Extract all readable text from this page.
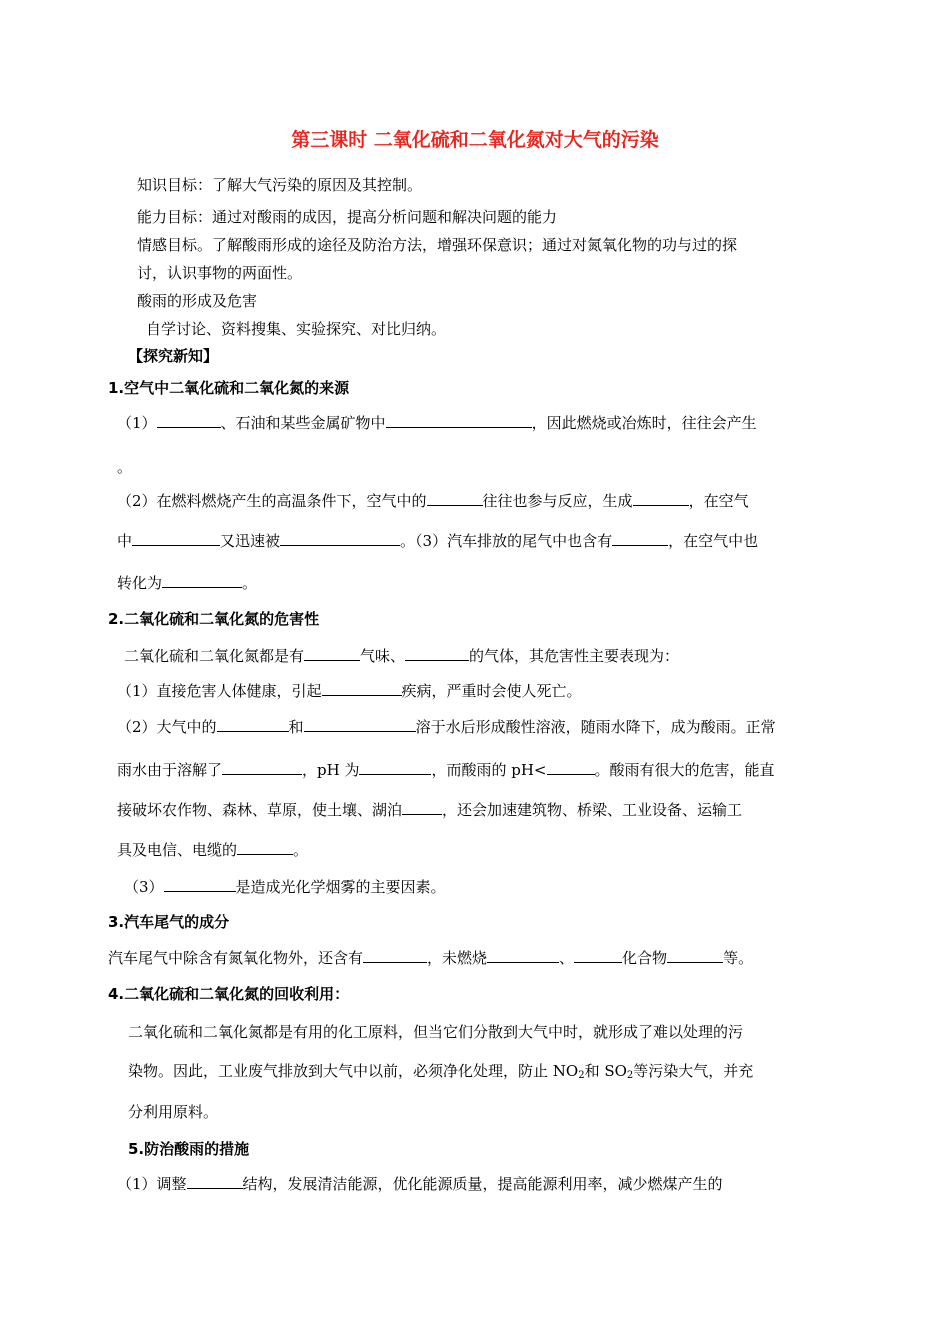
第三课时 二氧化硫和二氧化氮对大气的污染
知识目标：了解大气污染的原因及其控制。
能力目标：通过对酸雨的成因，提高分析问题和解决问题的能力
情感目标。了解酸雨形成的途径及防治方法，增强环保意识；通过对氮氧化物的功与过的探
讨，认识事物的两面性。
酸雨的形成及危害
自学讨论、资料搜集、实验探究、对比归纳。
【探究新知】
1.空气中二氧化硫和二氧化氮的来源
（1）	、石油和某些金属矿物中	，因此燃烧或冶炼时，往往会产生
。
（2）在燃料燃烧产生的高温条件下，空气中的	往往也参与反应，生成	，在空气
中	又迅速被	。（3）汽车排放的尾气中也含有	，在空气中也
转化为	。
2.二氧化硫和二氧化氮的危害性
二氧化硫和二氧化氮都是有	气味、	的气体，其危害性主要表现为：
（1）直接危害人体健康，引起	疾病，严重时会使人死亡。
（2）大气中的	和	溶于水后形成酸性溶液，随雨水降下，成为酸雨。正常
雨水由于溶解了	，pH 为	，而酸雨的 pH<	。酸雨有很大的危害，能直
接破坏农作物、森林、草原，使土壤、湖泊	，还会加速建筑物、桥梁、工业设备、运输工
具及电信、电缆的	。
（3）	是造成光化学烟雾的主要因素。
3.汽车尾气的成分
汽车尾气中除含有氮氧化物外，还含有	，未燃烧	、	化合物	等。
4.二氧化硫和二氧化氮的回收利用：
二氧化硫和二氧化氮都是有用的化工原料，但当它们分散到大气中时，就形成了难以处理的污
染物。因此，工业废气排放到大气中以前，必须净化处理，防止 $NO_2$和 $SO_2$等污染大气，并充
分利用原料。
5.防治酸雨的措施
（1）调整	结构，发展清洁能源，优化能源质量，提高能源利用率，减少燃煤产生的
